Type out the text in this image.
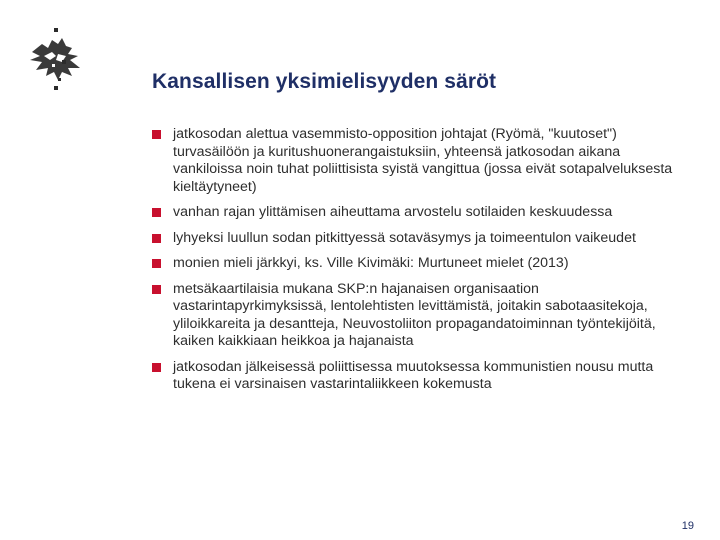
Kansallisen yksimielisyyden säröt
jatkosodan alettua vasemmisto-opposition johtajat (Ryömä, "kuutoset") turvasäilöön ja kuritushuonerangaistuksiin, yhteensä jatkosodan aikana vankiloissa noin tuhat poliittisista syistä vangittua (jossa eivät sotapalveluksesta kieltäytyneet)
vanhan rajan ylittämisen aiheuttama arvostelu sotilaiden keskuudessa
lyhyeksi luullun sodan pitkittyessä sotaväsymys ja toimeentulon vaikeudet
monien mieli järkkyi, ks. Ville Kivimäki: Murtuneet mielet (2013)
metsäkaartilaisia mukana SKP:n hajanaisen organisaation vastarintapyrkimyksissä, lentolehtisten levittämistä, joitakin sabotaasitekoja, yliloikkareita ja desantteja, Neuvostoliiton propagandatoiminnan työntekijöitä, kaiken kaikkiaan heikkoa ja hajanaista
jatkosodan jälkeisessä poliittisessa muutoksessa kommunistien nousu mutta tukena ei varsinaisen vastarintaliikkeen kokemusta
19
